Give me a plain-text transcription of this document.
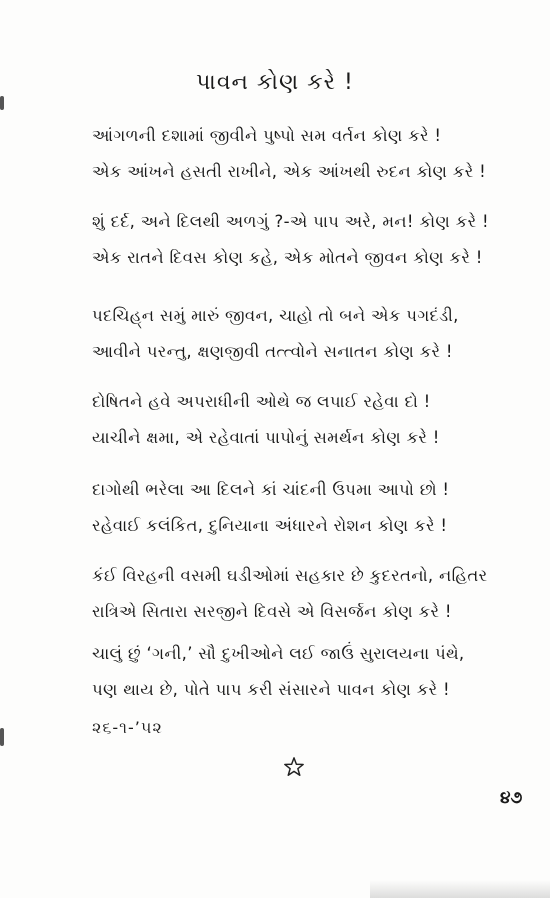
પાવન કોણ કરે !
આંગળની દશામાં જીવીને પુષ્પો સમ વર્તન કોણ કરે !
એક આંખને હસતી રાખીને, એક આંખથી રુદન કોણ કરે !
શું દર્દ, અને દિલથી અળગું ?-એ પાપ અરે, મન! કોણ કરે !
એક રાતને દિવસ કોણ કહે, એક મોતને જીવન કોણ કરે !
પદચિહ્‌ન સમું મારું જીવન, ચાહો તો બને એક પગદંડી,
આવીને પરન્તુ, ક્ષણજીવી તત્ત્વોને સનાતન કોણ કરે !
દોષિતને હવે અપરાધીની ઓથે જ લપાઈ રહેવા દો !
યાચીને ક્ષમા, એ રહેવાતાં પાપોનું સમર્થન કોણ કરે !
દાગોથી ભરેલા આ દિલને કાં ચાંદની ઉપમા આપો છો !
રહેવાઈ કલંકિત, દુનિયાના અંધારને રોશન કોણ કરે !
કંઈ વિરહની વસમી ઘડીઓમાં સહકાર છે કુદરતનો, નહિતર
રાત્રિએ સિતારા સરજીને દિવસે એ વિસર્જન કોણ કરે !
ચાલું છું ‘ગની,’ સૌ દુખીઓને લઈ જાઉં સુરાલયના પંથે,
પણ થાય છે, પોતે પાપ કરી સંસારને પાવન કોણ કરે !
૨૬-૧-’૫૨
૪૭
